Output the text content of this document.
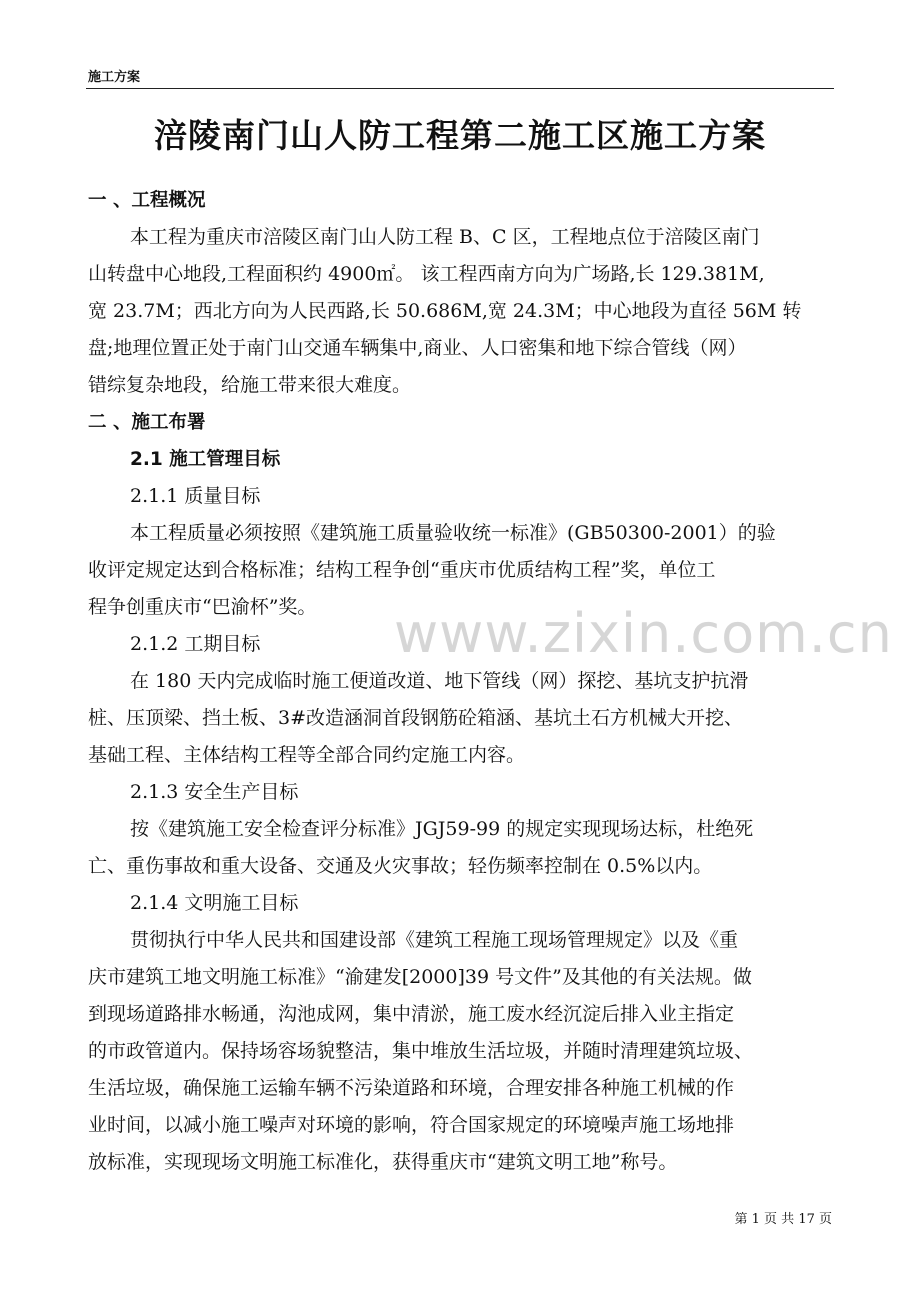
施工方案
涪陵南门山人防工程第二施工区施工方案
www.zixin.com.cn
一 、工程概况
本工程为重庆市涪陵区南门山人防工程 B、C 区，工程地点位于涪陵区南门
山转盘中心地段,工程面积约 4900㎡。 该工程西南方向为广场路,长 129.381M,
宽 23.7M；西北方向为人民西路,长 50.686M,宽 24.3M；中心地段为直径 56M 转
盘;地理位置正处于南门山交通车辆集中,商业、人口密集和地下综合管线（网）
错综复杂地段，给施工带来很大难度。
二 、施工布署
2.1 施工管理目标
2.1.1 质量目标
本工程质量必须按照《建筑施工质量验收统一标准》(GB50300-2001）的验
收评定规定达到合格标准；结构工程争创“重庆市优质结构工程”奖，单位工
程争创重庆市“巴渝杯”奖。
2.1.2 工期目标
在 180 天内完成临时施工便道改道、地下管线（网）探挖、基坑支护抗滑
桩、压顶梁、挡土板、3#改造涵洞首段钢筋砼箱涵、基坑土石方机械大开挖、
基础工程、主体结构工程等全部合同约定施工内容。
2.1.3 安全生产目标
按《建筑施工安全检查评分标准》JGJ59-99 的规定实现现场达标，杜绝死
亡、重伤事故和重大设备、交通及火灾事故；轻伤频率控制在 0.5%以内。
2.1.4 文明施工目标
贯彻执行中华人民共和国建设部《建筑工程施工现场管理规定》以及《重
庆市建筑工地文明施工标准》“渝建发[2000]39 号文件”及其他的有关法规。做
到现场道路排水畅通，沟池成网，集中清淤，施工废水经沉淀后排入业主指定
的市政管道内。保持场容场貌整洁，集中堆放生活垃圾，并随时清理建筑垃圾、
生活垃圾，确保施工运输车辆不污染道路和环境，合理安排各种施工机械的作
业时间，以减小施工噪声对环境的影响，符合国家规定的环境噪声施工场地排
放标准，实现现场文明施工标准化，获得重庆市“建筑文明工地”称号。
第 1 页 共 17 页
